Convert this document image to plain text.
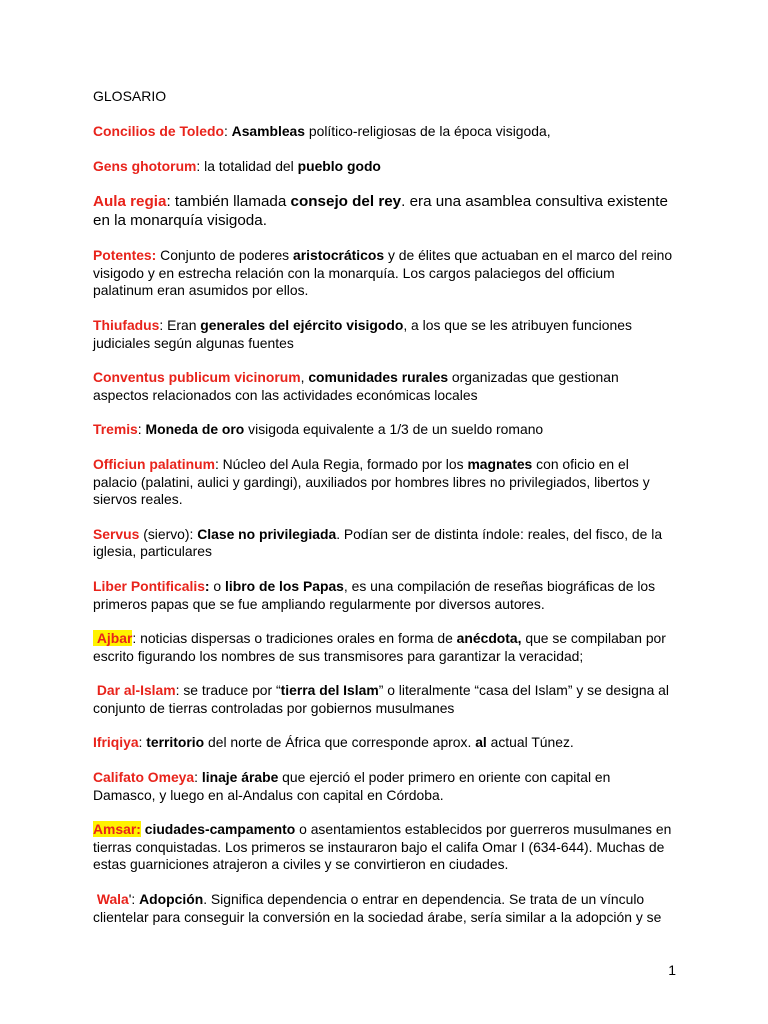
GLOSARIO
Concilios de Toledo: Asambleas político-religiosas de la época visigoda,
Gens ghotorum: la totalidad del pueblo godo
Aula regia: también llamada consejo del rey. era una asamblea consultiva existente en la monarquía visigoda.
Potentes: Conjunto de poderes aristocráticos y de élites que actuaban en el marco del reino visigodo y en estrecha relación con la monarquía. Los cargos palaciegos del officium palatinum eran asumidos por ellos.
Thiufadus: Eran generales del ejército visigodo, a los que se les atribuyen funciones judiciales según algunas fuentes
Conventus publicum vicinorum, comunidades rurales organizadas que gestionan aspectos relacionados con las actividades económicas locales
Tremis: Moneda de oro visigoda equivalente a 1/3 de un sueldo romano
Officiun palatinum: Núcleo del Aula Regia, formado por los magnates con oficio en el palacio (palatini, aulici y gardingi), auxiliados por hombres libres no privilegiados, libertos y siervos reales.
Servus (siervo): Clase no privilegiada. Podían ser de distinta índole: reales, del fisco, de la iglesia, particulares
Liber Pontificalis: o libro de los Papas, es una compilación de reseñas biográficas de los primeros papas que se fue ampliando regularmente por diversos autores.
Ajbar: noticias dispersas o tradiciones orales en forma de anécdota, que se compilaban por escrito figurando los nombres de sus transmisores para garantizar la veracidad;
Dar al-Islam: se traduce por “tierra del Islam” o literalmente “casa del Islam” y se designa al conjunto de tierras controladas por gobiernos musulmanes
Ifriqiya: territorio del norte de África que corresponde aprox. al actual Túnez.
Califato Omeya: linaje árabe que ejerció el poder primero en oriente con capital en Damasco, y luego en al-Andalus con capital en Córdoba.
Amsar: ciudades-campamento o asentamientos establecidos por guerreros musulmanes en tierras conquistadas. Los primeros se instauraron bajo el califa Omar I (634-644). Muchas de estas guarniciones atrajeron a civiles y se convirtieron en ciudades.
Wala': Adopción. Significa dependencia o entrar en dependencia. Se trata de un vínculo clientelar para conseguir la conversión en la sociedad árabe, sería similar a la adopción y se
1
